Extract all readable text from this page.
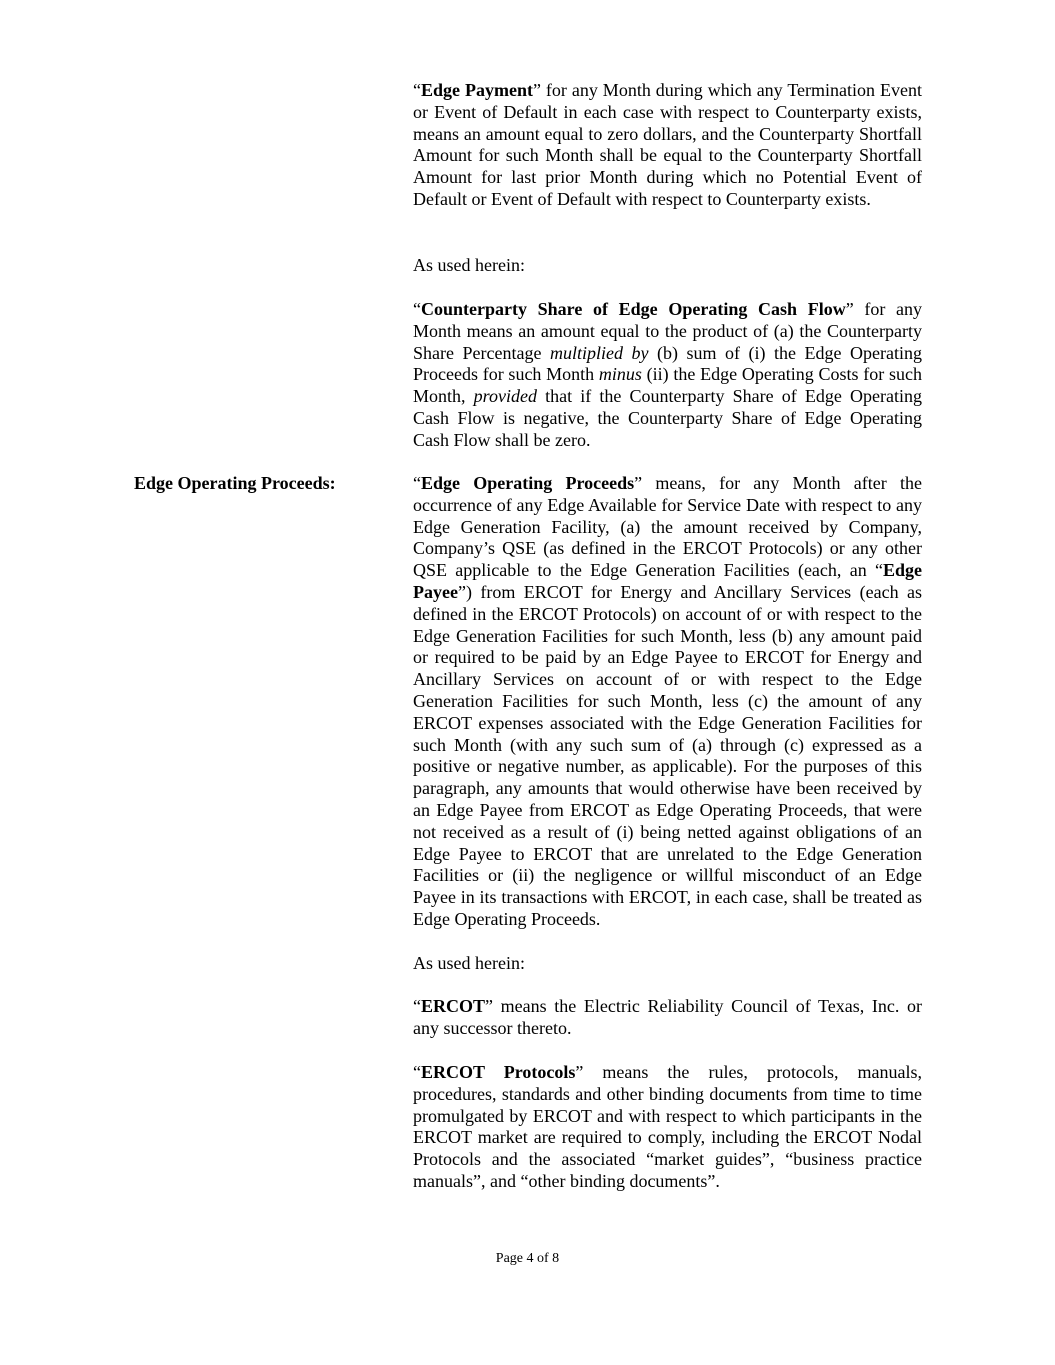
“Edge Payment” for any Month during which any Termination Event or Event of Default in each case with respect to Counterparty exists, means an amount equal to zero dollars, and the Counterparty Shortfall Amount for such Month shall be equal to the Counterparty Shortfall Amount for last prior Month during which no Potential Event of Default or Event of Default with respect to Counterparty exists.

As used herein:

“Counterparty Share of Edge Operating Cash Flow” for any Month means an amount equal to the product of (a) the Counterparty Share Percentage multiplied by (b) sum of (i) the Edge Operating Proceeds for such Month minus (ii) the Edge Operating Costs for such Month, provided that if the Counterparty Share of Edge Operating Cash Flow is negative, the Counterparty Share of Edge Operating Cash Flow shall be zero.

Edge Operating Proceeds:	“Edge Operating Proceeds” means, for any Month after the occurrence of any Edge Available for Service Date with respect to any Edge Generation Facility, (a) the amount received by Company, Company’s QSE (as defined in the ERCOT Protocols) or any other QSE applicable to the Edge Generation Facilities (each, an “Edge Payee”) from ERCOT for Energy and Ancillary Services (each as defined in the ERCOT Protocols) on account of or with respect to the Edge Generation Facilities for such Month, less (b) any amount paid or required to be paid by an Edge Payee to ERCOT for Energy and Ancillary Services on account of or with respect to the Edge Generation Facilities for such Month, less (c) the amount of any ERCOT expenses associated with the Edge Generation Facilities for such Month (with any such sum of (a) through (c) expressed as a positive or negative number, as applicable). For the purposes of this paragraph, any amounts that would otherwise have been received by an Edge Payee from ERCOT as Edge Operating Proceeds, that were not received as a result of (i) being netted against obligations of an Edge Payee to ERCOT that are unrelated to the Edge Generation Facilities or (ii) the negligence or willful misconduct of an Edge Payee in its transactions with ERCOT, in each case, shall be treated as Edge Operating Proceeds.

As used herein:

“ERCOT” means the Electric Reliability Council of Texas, Inc. or any successor thereto.

“ERCOT Protocols” means the rules, protocols, manuals, procedures, standards and other binding documents from time to time promulgated by ERCOT and with respect to which participants in the ERCOT market are required to comply, including the ERCOT Nodal Protocols and the associated “market guides”, “business practice manuals”, and “other binding documents”.

Page 4 of 8
